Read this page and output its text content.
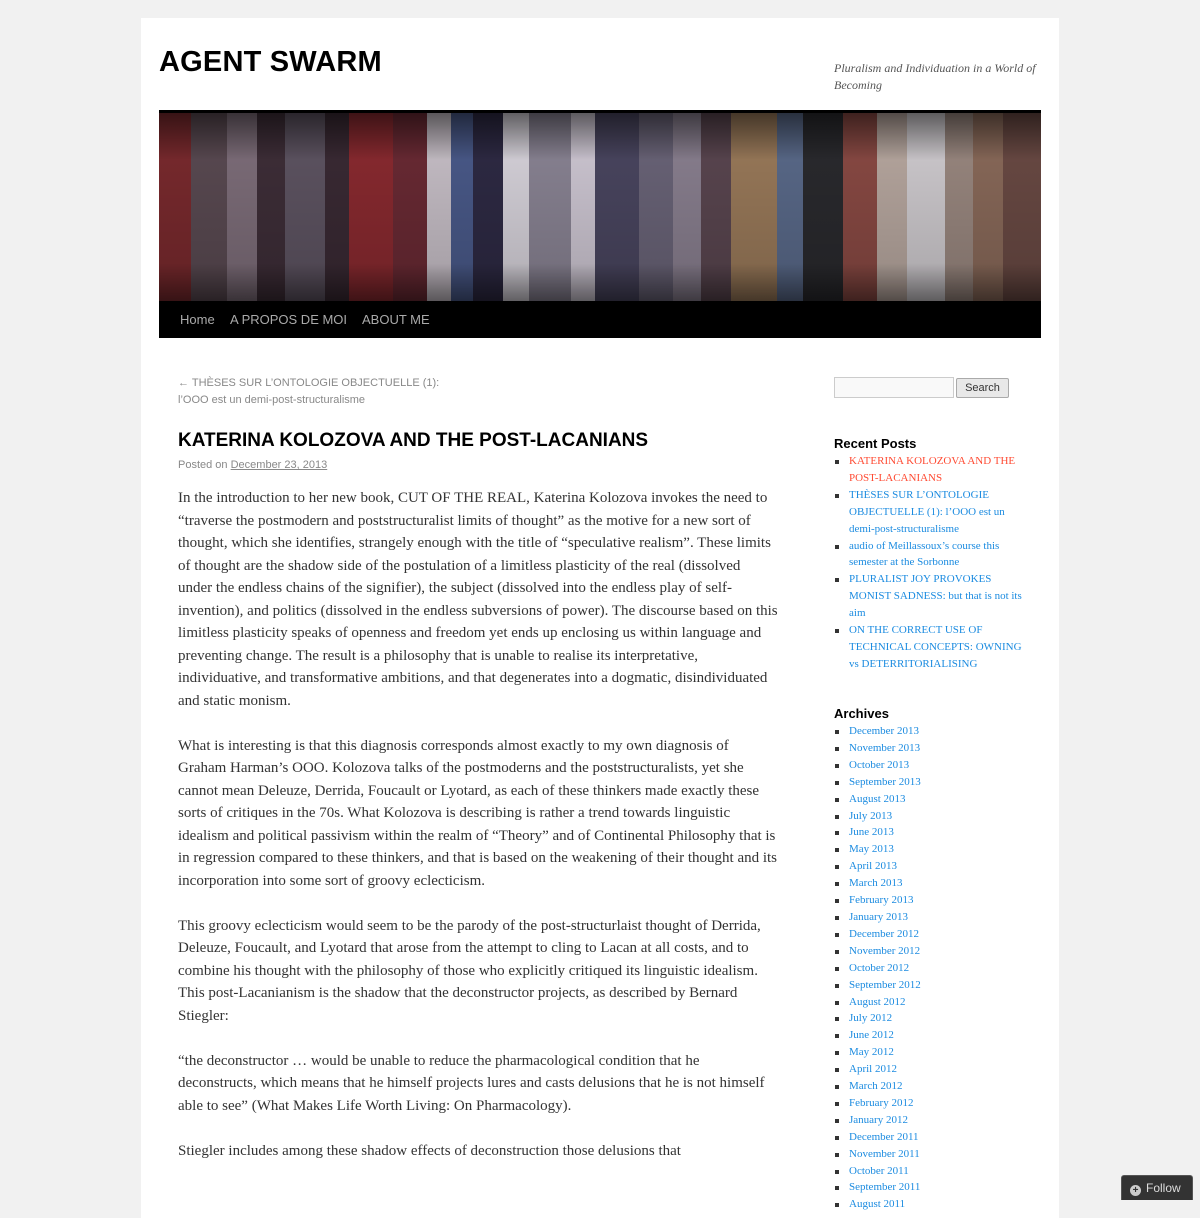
AGENT SWARM	Pluralism and Individuation in a World of Becoming
Home A PROPOS DE MOI ABOUT ME
← THÈSES SUR L’ONTOLOGIE OBJECTUELLE (1):
l’OOO est un demi-post-structuralisme
KATERINA KOLOZOVA AND THE POST-LACANIANS
Posted on December 23, 2013

In the introduction to her new book, CUT OF THE REAL, Katerina Kolozova invokes the need to “traverse the postmodern and poststructuralist limits of thought” as the motive for a new sort of thought, which she identifies, strangely enough with the title of “speculative realism”. These limits of thought are the shadow side of the postulation of a limitless plasticity of the real (dissolved under the endless chains of the signifier), the subject (dissolved into the endless play of self-invention), and politics (dissolved in the endless subversions of power). The discourse based on this limitless plasticity speaks of openness and freedom yet ends up enclosing us within language and preventing change. The result is a philosophy that is unable to realise its interpretative, individuative, and transformative ambitions, and that degenerates into a dogmatic, disindividuated and static monism.

What is interesting is that this diagnosis corresponds almost exactly to my own diagnosis of Graham Harman’s OOO. Kolozova talks of the postmoderns and the poststructuralists, yet she cannot mean Deleuze, Derrida, Foucault or Lyotard, as each of these thinkers made exactly these sorts of critiques in the 70s. What Kolozova is describing is rather a trend towards linguistic idealism and political passivism within the realm of “Theory” and of Continental Philosophy that is in regression compared to these thinkers, and that is based on the weakening of their thought and its incorporation into some sort of groovy eclecticism.

This groovy eclecticism would seem to be the parody of the post-structurlaist thought of Derrida, Deleuze, Foucault, and Lyotard that arose from the attempt to cling to Lacan at all costs, and to combine his thought with the philosophy of those who explicitly critiqued its linguistic idealism. This post-Lacanianism is the shadow that the deconstructor projects, as described by Bernard Stiegler:

“the deconstructor … would be unable to reduce the pharmacological condition that he deconstructs, which means that he himself projects lures and casts delusions that he is not himself able to see” (What Makes Life Worth Living: On Pharmacology).

Stiegler includes among these shadow effects of deconstruction those delusions that

Search
Recent Posts
KATERINA KOLOZOVA AND THE POST-LACANIANS
THÈSES SUR L’ONTOLOGIE OBJECTUELLE (1): l’OOO est un demi-post-structuralisme
audio of Meillassoux’s course this semester at the Sorbonne
PLURALIST JOY PROVOKES MONIST SADNESS: but that is not its aim
ON THE CORRECT USE OF TECHNICAL CONCEPTS: OWNING vs DETERRITORIALISING
Archives
December 2013
November 2013
October 2013
September 2013
August 2013
July 2013
June 2013
May 2013
April 2013
March 2013
February 2013
January 2013
December 2012
November 2012
October 2012
September 2012
August 2012
July 2012
June 2012
May 2012
April 2012
March 2012
February 2012
January 2012
December 2011
November 2011
October 2011
September 2011
August 2011
+ Follow
